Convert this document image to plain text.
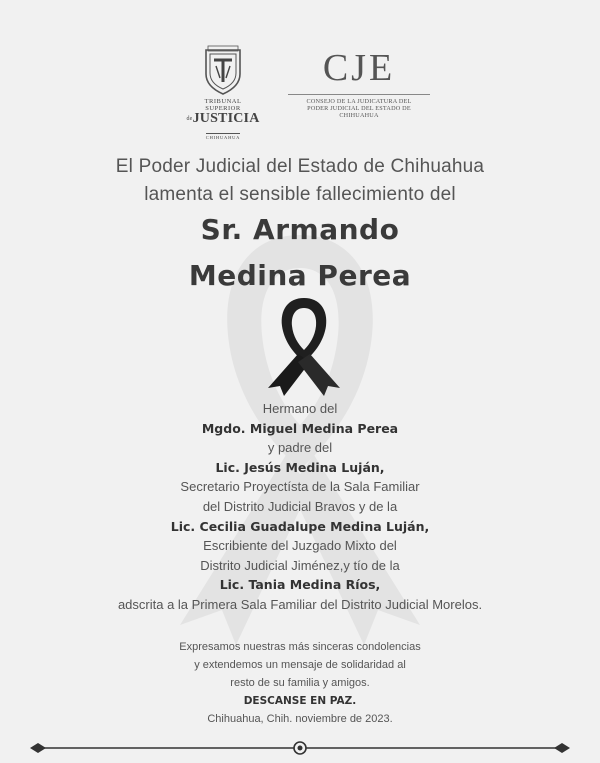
TRIBUNAL SUPERIOR
$^{de}$JUSTICIA
CHIHUAHUA
CJE
CONSEJO DE LA JUDICATURA DEL
PODER JUDICIAL DEL ESTADO DE CHIHUAHUA
El Poder Judicial del Estado de Chihuahua
lamenta el sensible fallecimiento del
Sr. Armando
Medina Perea
Hermano del
Mgdo. Miguel Medina Perea
y padre del
Lic. Jesús Medina Luján,
Secretario Proyectísta de la Sala Familiar
del Distrito Judicial Bravos y de la
Lic. Cecilia Guadalupe Medina Luján,
Escribiente del Juzgado Mixto del
Distrito Judicial Jiménez,y tío de la
Lic. Tania Medina Ríos,
adscrita a la Primera Sala Familiar del Distrito Judicial Morelos.
Expresamos nuestras más sinceras condolencias
y extendemos un mensaje de solidaridad al
resto de su familia y amigos.
DESCANSE EN PAZ.
Chihuahua, Chih. noviembre de 2023.
